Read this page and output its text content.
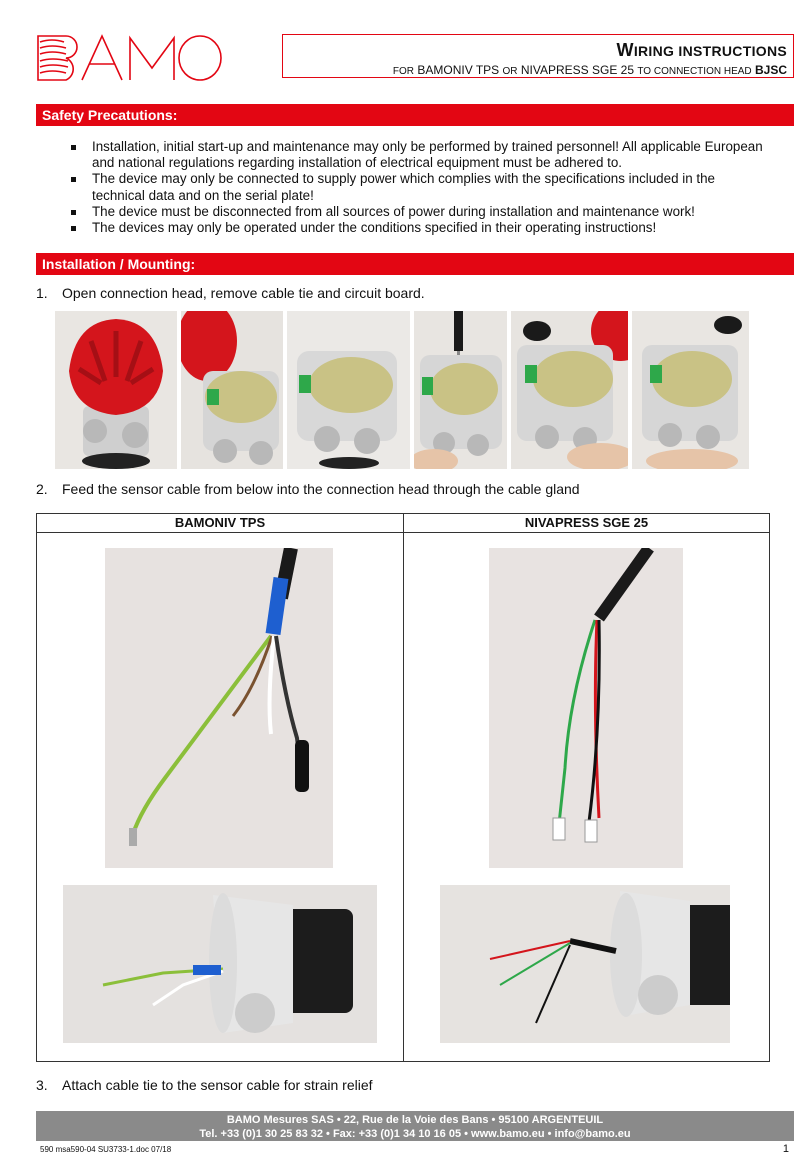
WIRING INSTRUCTIONS
FOR BAMONIV TPS OR NIVAPRESS SGE 25 TO CONNECTION HEAD BJSC
Safety Precatutions:
Installation, initial start-up and maintenance may only be performed by trained personnel! All applicable European and national regulations regarding installation of electrical equipment must be adhered to.
The device may only be connected to supply power which complies with the specifications included in the technical data and on the serial plate!
The device must be disconnected from all sources of power during installation and maintenance work!
The devices may only be operated under the conditions specified in their operating instructions!
Installation / Mounting:
1. Open connection head, remove cable tie and circuit board.
2. Feed the sensor cable from below into the connection head through the cable gland
BAMONIV TPS	NIVAPRESS SGE 25
3. Attach cable tie to the sensor cable for strain relief
BAMO Mesures SAS • 22, Rue de la Voie des Bans • 95100 ARGENTEUIL
Tel. +33 (0)1 30 25 83 32 • Fax: +33 (0)1 34 10 16 05 • www.bamo.eu • info@bamo.eu
590 msa590-04 SU3733-1.doc 07/18	1
